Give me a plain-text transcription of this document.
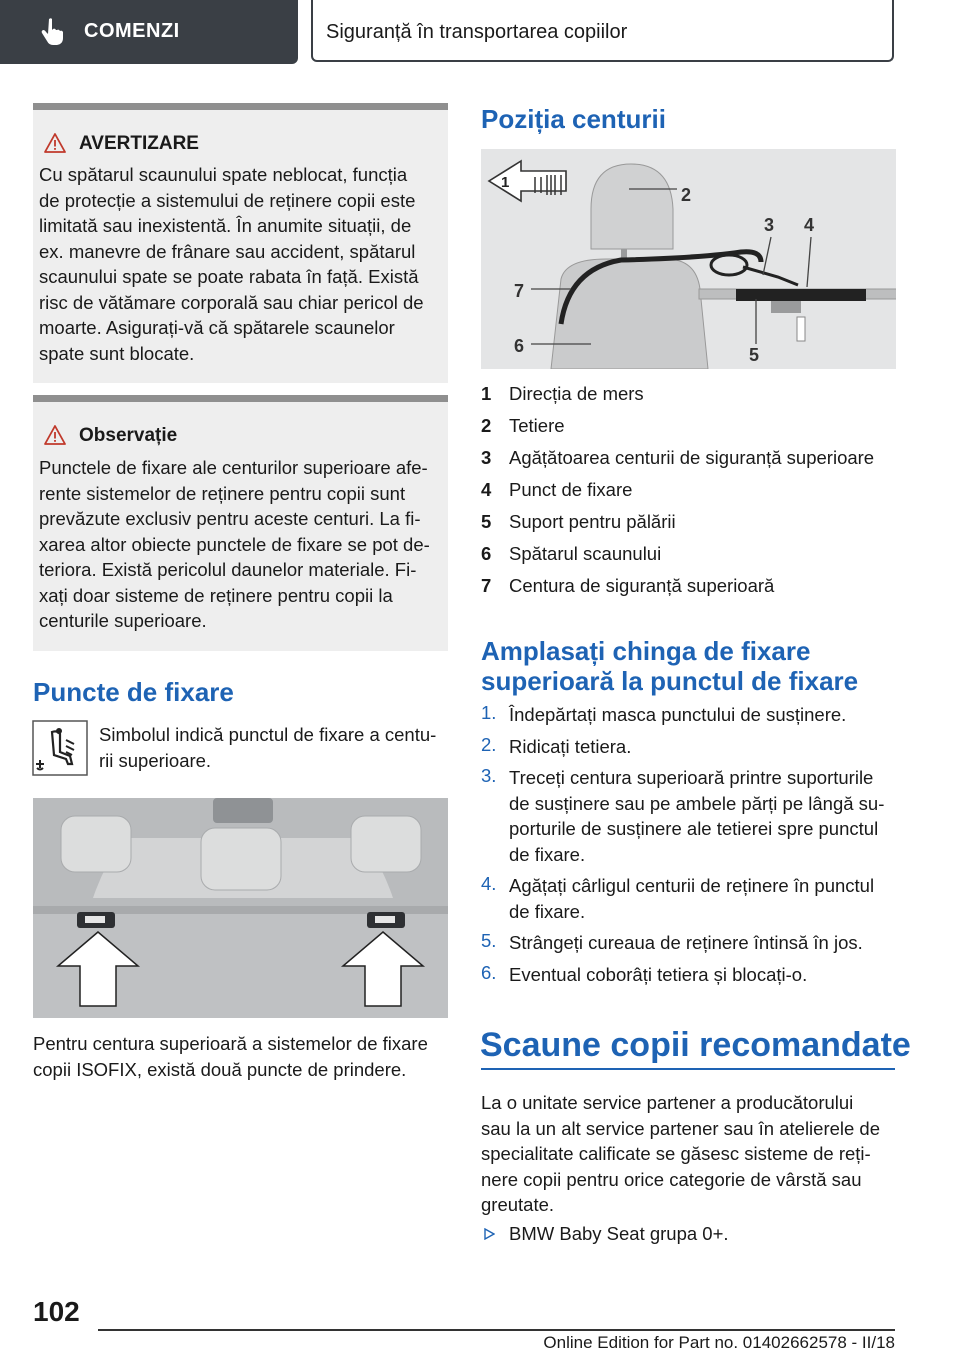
COMENZI	Siguranță în transportarea copiilor
AVERTIZARE
Cu spătarul scaunului spate neblocat, funcția
de protecție a sistemului de reținere copii este
limitată sau inexistentă. În anumite situații, de
ex. manevre de frânare sau accident, spătarul
scaunului spate se poate rabata în față. Există
risc de vătămare corporală sau chiar pericol de
moarte. Asigurați-vă că spătarele scaunelor
spate sunt blocate.
Observație
Punctele de fixare ale centurilor superioare afe-
rente sistemelor de reținere pentru copii sunt
prevăzute exclusiv pentru aceste centuri. La fi-
xarea altor obiecte punctele de fixare se pot de-
teriora. Există pericolul daunelor materiale. Fi-
xați doar sisteme de reținere pentru copii la
centurile superioare.
Puncte de fixare
Simbolul indică punctul de fixare a centu-
rii superioare.
Pentru centura superioară a sistemelor de fixare
copii ISOFIX, există două puncte de prindere.
Poziția centurii
1
2
3 4
7
6	5
1 Direcția de mers
2 Tetiere
3 Agățătoarea centurii de siguranță superioare
4 Punct de fixare
5 Suport pentru pălării
6 Spătarul scaunului
7 Centura de siguranță superioară
Amplasați chinga de fixare
superioară la punctul de fixare
1. Îndepărtați masca punctului de susținere.
2. Ridicați tetiera.
3. Treceți centura superioară printre suporturile
de susținere sau pe ambele părți pe lângă su-
porturile de susținere ale tetierei spre punctul
de fixare.
4. Agățați cârligul centurii de reținere în punctul
de fixare.
5. Strângeți cureaua de reținere întinsă în jos.
6. Eventual coborâți tetiera și blocați-o.
Scaune copii recomandate
La o unitate service partener a producătorului
sau la un alt service partener sau în atelierele de
specialitate calificate se găsesc sisteme de reți-
nere copii pentru orice categorie de vârstă sau
greutate.
BMW Baby Seat grupa 0+.
102
Online Edition for Part no. 01402662578 - II/18
